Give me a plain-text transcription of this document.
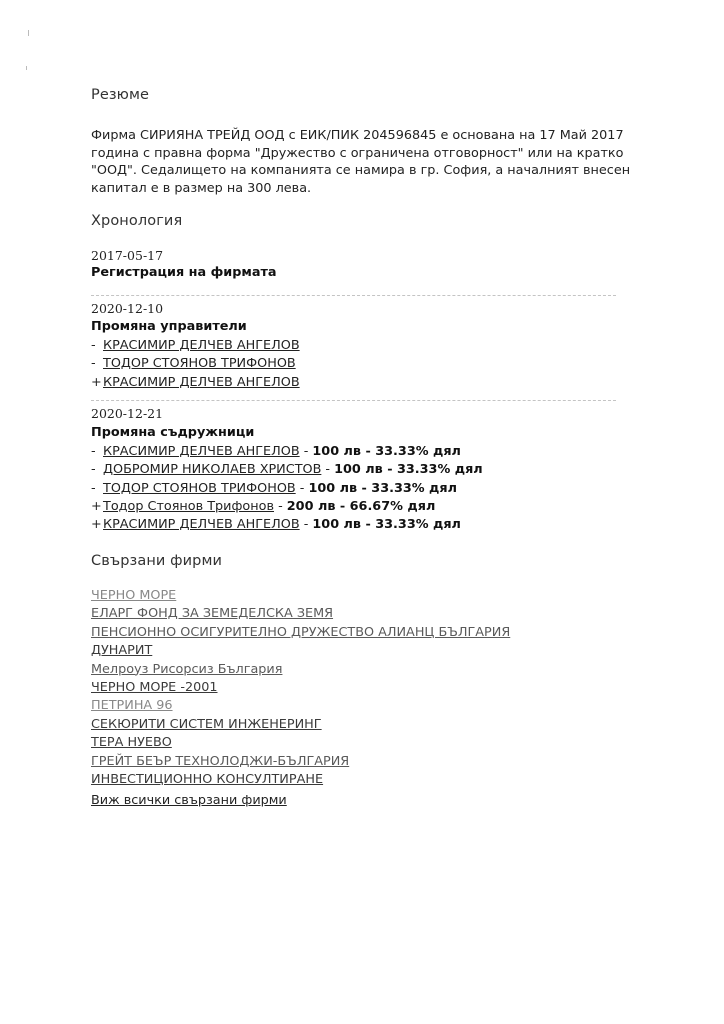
Резюме
Фирма СИРИЯНА ТРЕЙД ООД с ЕИК/ПИК 204596845 е основана на 17 Май 2017 година с правна форма "Дружество с ограничена отговорност" или на кратко "ООД". Седалището на компанията се намира в гр. София, а началният внесен капитал е в размер на 300 лева.
Хронология
2017-05-17
Регистрация на фирмата
2020-12-10
Промяна управители
- КРАСИМИР ДЕЛЧЕВ АНГЕЛОВ
- ТОДОР СТОЯНОВ ТРИФОНОВ
+КРАСИМИР ДЕЛЧЕВ АНГЕЛОВ
2020-12-21
Промяна съдружници
- КРАСИМИР ДЕЛЧЕВ АНГЕЛОВ - 100 лв - 33.33% дял
- ДОБРОМИР НИКОЛАЕВ ХРИСТОВ - 100 лв - 33.33% дял
- ТОДОР СТОЯНОВ ТРИФОНОВ - 100 лв - 33.33% дял
+Тодор Стоянов Трифонов - 200 лв - 66.67% дял
+КРАСИМИР ДЕЛЧЕВ АНГЕЛОВ - 100 лв - 33.33% дял
Свързани фирми
ЧЕРНО МОРЕ
ЕЛАРГ ФОНД ЗА ЗЕМЕДЕЛСКА ЗЕМЯ
ПЕНСИОННО ОСИГУРИТЕЛНО ДРУЖЕСТВО АЛИАНЦ БЪЛГАРИЯ
ДУНАРИТ
Мелроуз Рисорсиз България
ЧЕРНО МОРЕ -2001
ПЕТРИНА 96
СЕКЮРИТИ СИСТЕМ ИНЖЕНЕРИНГ
ТЕРА НУЕВО
ГРЕЙТ БЕЪР ТЕХНОЛОДЖИ-БЪЛГАРИЯ
ИНВЕСТИЦИОННО КОНСУЛТИРАНЕ
Виж всички свързани фирми
